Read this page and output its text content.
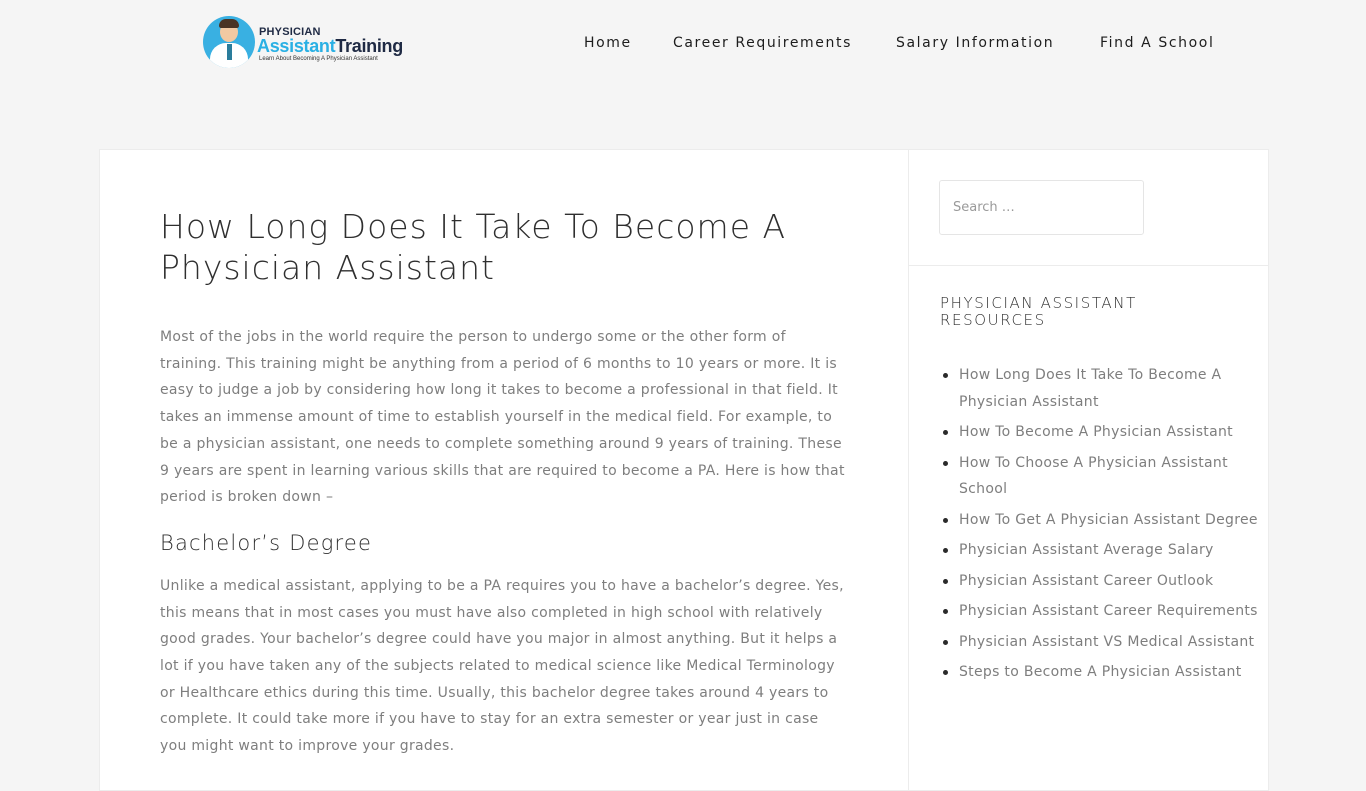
PHYSICIAN
AssistantTraining
Learn About Becoming A Physician Assistant
Home	Career Requirements	Salary Information	Find A School
How Long Does It Take To Become A Physician Assistant

Most of the jobs in the world require the person to undergo some or the other form of training. This training might be anything from a period of 6 months to 10 years or more. It is easy to judge a job by considering how long it takes to become a professional in that field. It takes an immense amount of time to establish yourself in the medical field. For example, to be a physician assistant, one needs to complete something around 9 years of training. These 9 years are spent in learning various skills that are required to become a PA. Here is how that period is broken down –

Bachelor’s Degree

Unlike a medical assistant, applying to be a PA requires you to have a bachelor’s degree. Yes, this means that in most cases you must have also completed in high school with relatively good grades. Your bachelor’s degree could have you major in almost anything. But it helps a lot if you have taken any of the subjects related to medical science like Medical Terminology or Healthcare ethics during this time. Usually, this bachelor degree takes around 4 years to complete. It could take more if you have to stay for an extra semester or year just in case you might want to improve your grades.

Search …
PHYSICIAN ASSISTANT RESOURCES
How Long Does It Take To Become A Physician Assistant
How To Become A Physician Assistant
How To Choose A Physician Assistant School
How To Get A Physician Assistant Degree
Physician Assistant Average Salary
Physician Assistant Career Outlook
Physician Assistant Career Requirements
Physician Assistant VS Medical Assistant
Steps to Become A Physician Assistant
